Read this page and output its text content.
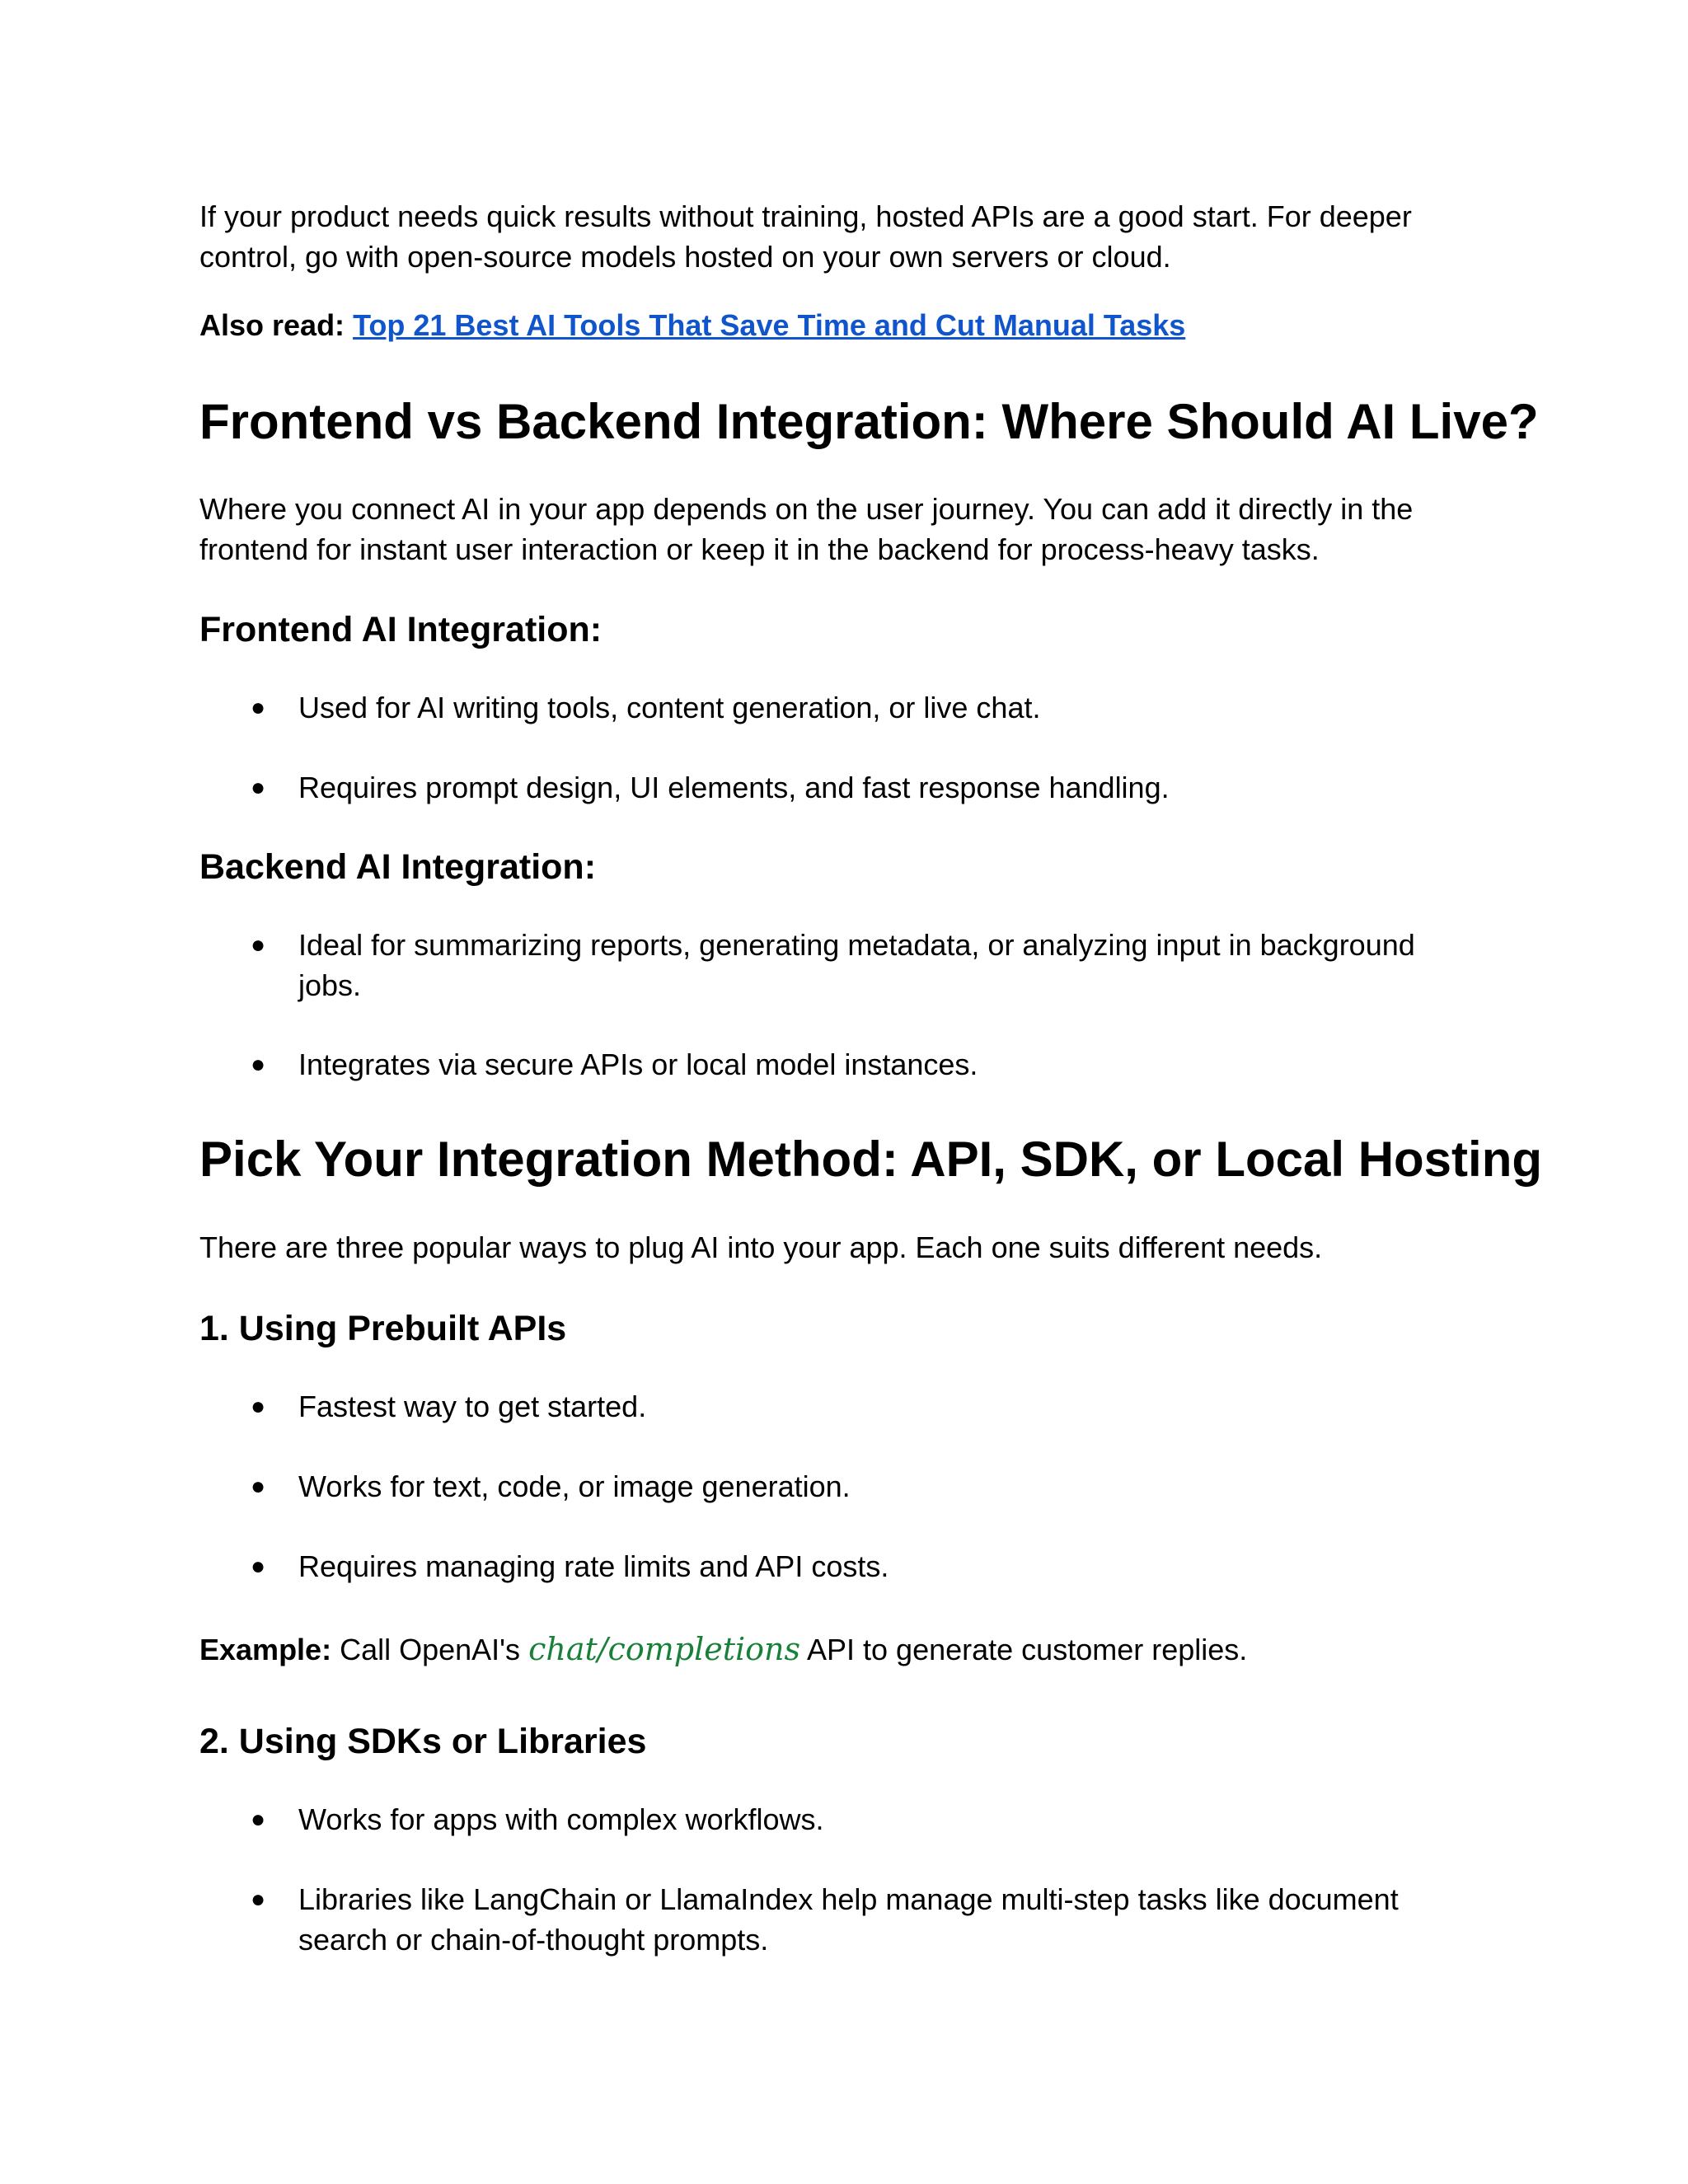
If your product needs quick results without training, hosted APIs are a good start. For deeper control, go with open-source models hosted on your own servers or cloud.

Also read: Top 21 Best AI Tools That Save Time and Cut Manual Tasks

Frontend vs Backend Integration: Where Should AI Live?

Where you connect AI in your app depends on the user journey. You can add it directly in the frontend for instant user interaction or keep it in the backend for process-heavy tasks.

Frontend AI Integration:
● Used for AI writing tools, content generation, or live chat.
● Requires prompt design, UI elements, and fast response handling.
Backend AI Integration:
● Ideal for summarizing reports, generating metadata, or analyzing input in background jobs.
● Integrates via secure APIs or local model instances.
Pick Your Integration Method: API, SDK, or Local Hosting

There are three popular ways to plug AI into your app. Each one suits different needs.

1. Using Prebuilt APIs
● Fastest way to get started.
● Works for text, code, or image generation.
● Requires managing rate limits and API costs.

Example: Call OpenAI's chat/completions API to generate customer replies.

2. Using SDKs or Libraries
● Works for apps with complex workflows.
● Libraries like LangChain or LlamaIndex help manage multi-step tasks like document search or chain-of-thought prompts.
